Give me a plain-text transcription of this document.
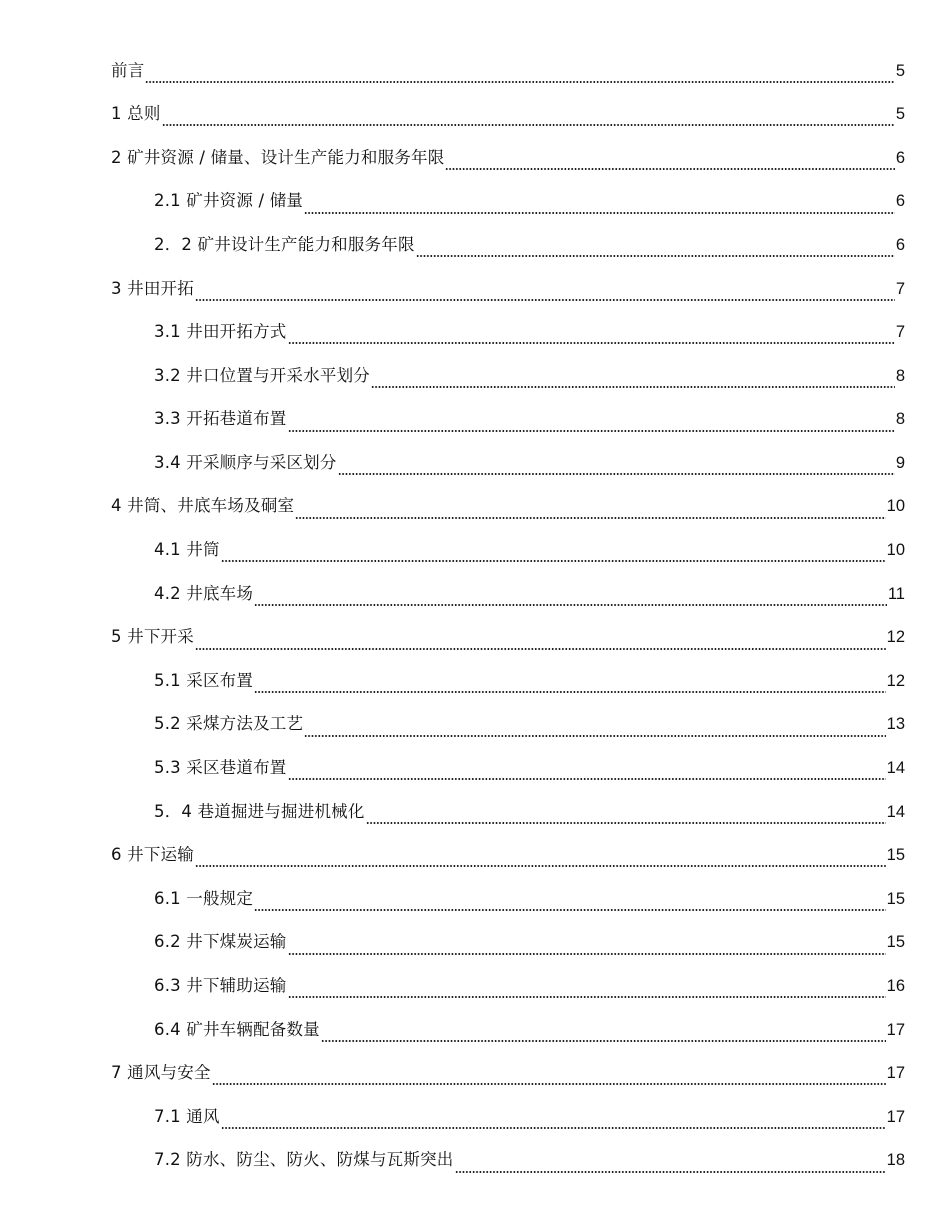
前言	5
1 总则	5
2 矿井资源 / 储量、设计生产能力和服务年限	6
2.1 矿井资源 / 储量	6
2．2 矿井设计生产能力和服务年限	6
3 井田开拓	7
3.1 井田开拓方式	7
3.2 井口位置与开采水平划分	8
3.3 开拓巷道布置	8
3.4 开采顺序与采区划分	9
4 井筒、井底车场及硐室	10
4.1 井筒	10
4.2 井底车场	11
5 井下开采	12
5.1 采区布置	12
5.2 采煤方法及工艺	13
5.3 采区巷道布置	14
5．4 巷道掘进与掘进机械化	14
6 井下运输	15
6.1 一般规定	15
6.2 井下煤炭运输	15
6.3 井下辅助运输	16
6.4 矿井车辆配备数量	17
7 通风与安全	17
7.1 通风	17
7.2 防水、防尘、防火、防煤与瓦斯突出	18
